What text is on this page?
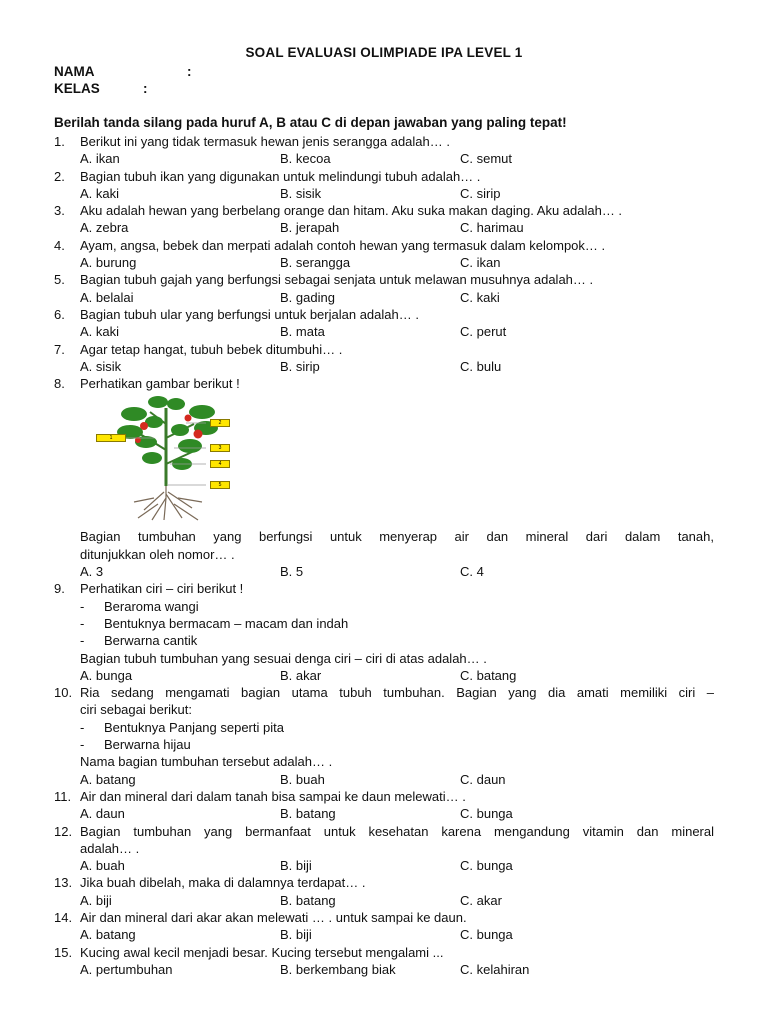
SOAL EVALUASI OLIMPIADE IPA LEVEL 1
NAMA	:
KELAS	:
Berilah tanda silang pada huruf A, B atau C di depan jawaban yang paling tepat!
1.	Berikut ini yang tidak termasuk hewan jenis serangga adalah… .
A. ikan	B. kecoa	C. semut
2.	Bagian tubuh ikan yang digunakan untuk melindungi tubuh adalah… .
A. kaki	B. sisik	C. sirip
3.	Aku adalah hewan yang berbelang orange dan hitam. Aku suka makan daging. Aku adalah… .
A. zebra	B. jerapah	C. harimau
4.	Ayam, angsa, bebek dan merpati adalah contoh hewan yang termasuk dalam kelompok… .
A. burung	B. serangga	C. ikan
5.	Bagian tubuh gajah yang berfungsi sebagai senjata untuk melawan musuhnya adalah… .
A. belalai	B. gading	C. kaki
6.	Bagian tubuh ular yang berfungsi untuk berjalan adalah… .
A. kaki	B. mata	C. perut
7.	Agar tetap hangat, tubuh bebek ditumbuhi… .
A. sisik	B. sirip	C. bulu
8.	Perhatikan gambar berikut !
1
2
3
4
5
Bagian tumbuhan yang berfungsi untuk menyerap air dan mineral dari dalam tanah,
ditunjukkan oleh nomor… .
A. 3	B. 5	C. 4
9.	Perhatikan ciri – ciri berikut !
- Beraroma wangi
- Bentuknya bermacam – macam dan indah
- Berwarna cantik
Bagian tubuh tumbuhan yang sesuai denga ciri – ciri di atas adalah… .
A. bunga	B. akar	C. batang
10. Ria sedang mengamati bagian utama tubuh tumbuhan. Bagian yang dia amati memiliki ciri –
ciri sebagai berikut:
- Bentuknya Panjang seperti pita
- Berwarna hijau
Nama bagian tumbuhan tersebut adalah… .
A. batang	B. buah	C. daun
11. Air dan mineral dari dalam tanah bisa sampai ke daun melewati… .
A. daun	B. batang	C. bunga
12. Bagian tumbuhan yang bermanfaat untuk kesehatan karena mengandung vitamin dan mineral
adalah… .
A. buah	B. biji	C. bunga
13. Jika buah dibelah, maka di dalamnya terdapat… .
A. biji	B. batang	C. akar
14. Air dan mineral dari akar akan melewati … . untuk sampai ke daun.
A. batang	B. biji	C. bunga
15. Kucing awal kecil menjadi besar. Kucing tersebut mengalami ...
A. pertumbuhan	B. berkembang biak	C. kelahiran
